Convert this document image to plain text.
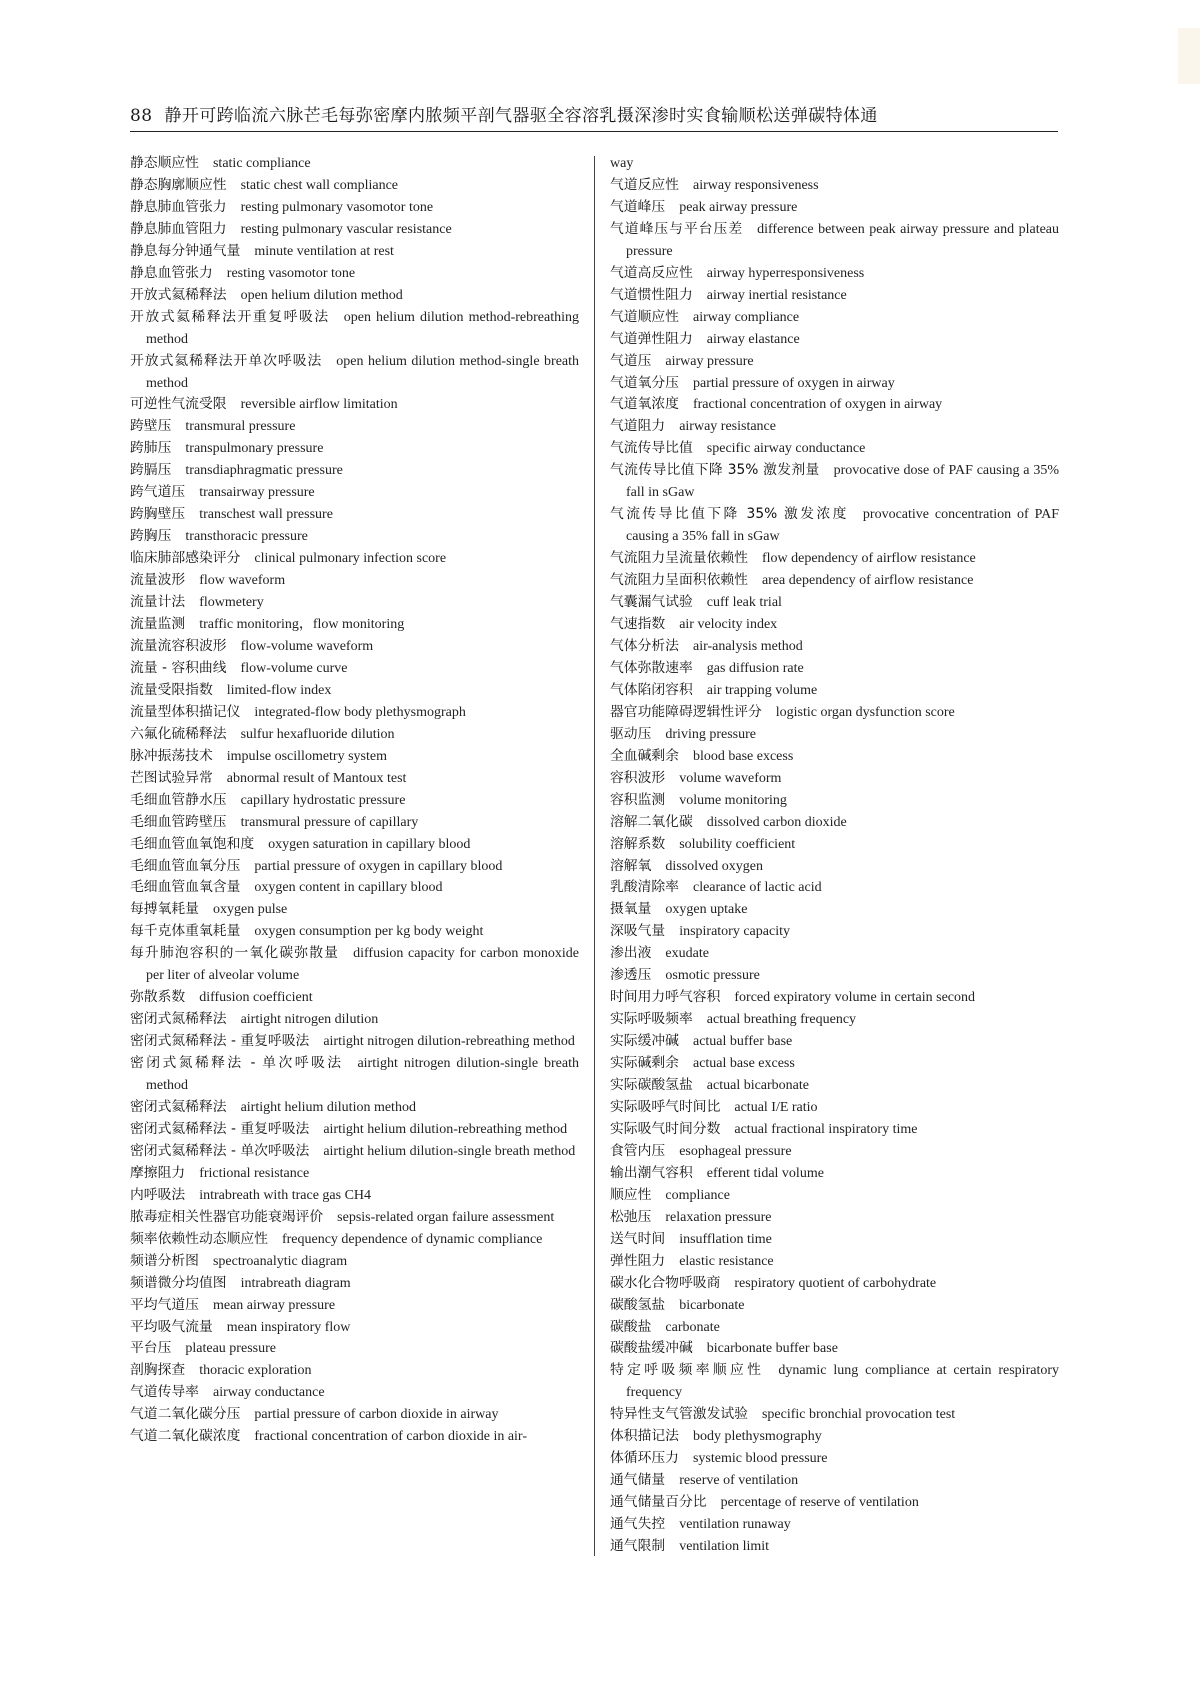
88 静开可跨临流六脉芒毛每弥密摩内脓频平剖气器驱全容溶乳摄深渗时实食输顺松送弹碳特体通
静态顺应性 static compliance
静态胸廓顺应性 static chest wall compliance
静息肺血管张力 resting pulmonary vasomotor tone
静息肺血管阻力 resting pulmonary vascular resistance
静息每分钟通气量 minute ventilation at rest
静息血管张力 resting vasomotor tone
开放式氦稀释法 open helium dilution method
开放式氦稀释法开重复呼吸法 open helium dilution method-rebreathing method
开放式氦稀释法开单次呼吸法 open helium dilution method-single breath method
可逆性气流受限 reversible airflow limitation
跨壁压 transmural pressure
跨肺压 transpulmonary pressure
跨膈压 transdiaphragmatic pressure
跨气道压 transairway pressure
跨胸壁压 transchest wall pressure
跨胸压 transthoracic pressure
临床肺部感染评分 clinical pulmonary infection score
流量波形 flow waveform
流量计法 flowmetery
流量监测 traffic monitoring，flow monitoring
流量流容积波形 flow-volume waveform
流量 - 容积曲线 flow-volume curve
流量受限指数 limited-flow index
流量型体积描记仪 integrated-flow body plethysmograph
六氟化硫稀释法 sulfur hexafluoride dilution
脉冲振荡技术 impulse oscillometry system
芒图试验异常 abnormal result of Mantoux test
毛细血管静水压 capillary hydrostatic pressure
毛细血管跨壁压 transmural pressure of capillary
毛细血管血氧饱和度 oxygen saturation in capillary blood
毛细血管血氧分压 partial pressure of oxygen in capillary blood
毛细血管血氧含量 oxygen content in capillary blood
每搏氧耗量 oxygen pulse
每千克体重氧耗量 oxygen consumption per kg body weight
每升肺泡容积的一氧化碳弥散量 diffusion capacity for carbon monoxide per liter of alveolar volume
弥散系数 diffusion coefficient
密闭式氮稀释法 airtight nitrogen dilution
密闭式氮稀释法 - 重复呼吸法 airtight nitrogen dilution-rebreathing method
密闭式氮稀释法 - 单次呼吸法 airtight nitrogen dilution-single breath method
密闭式氦稀释法 airtight helium dilution method
密闭式氦稀释法 - 重复呼吸法 airtight helium dilution-rebreathing method
密闭式氦稀释法 - 单次呼吸法 airtight helium dilution-single breath method
摩擦阻力 frictional resistance
内呼吸法 intrabreath with trace gas CH4
脓毒症相关性器官功能衰竭评价 sepsis-related organ failure assessment
频率依赖性动态顺应性 frequency dependence of dynamic compliance
频谱分析图 spectroanalytic diagram
频谱微分均值图 intrabreath diagram
平均气道压 mean airway pressure
平均吸气流量 mean inspiratory flow
平台压 plateau pressure
剖胸探查 thoracic exploration
气道传导率 airway conductance
气道二氧化碳分压 partial pressure of carbon dioxide in airway
气道二氧化碳浓度 fractional concentration of carbon dioxide in air-
way
气道反应性 airway responsiveness
气道峰压 peak airway pressure
气道峰压与平台压差 difference between peak airway pressure and plateau pressure
气道高反应性 airway hyperresponsiveness
气道惯性阻力 airway inertial resistance
气道顺应性 airway compliance
气道弹性阻力 airway elastance
气道压 airway pressure
气道氧分压 partial pressure of oxygen in airway
气道氧浓度 fractional concentration of oxygen in airway
气道阻力 airway resistance
气流传导比值 specific airway conductance
气流传导比值下降 35% 激发剂量 provocative dose of PAF causing a 35% fall in sGaw
气流传导比值下降 35% 激发浓度 provocative concentration of PAF causing a 35% fall in sGaw
气流阻力呈流量依赖性 flow dependency of airflow resistance
气流阻力呈面积依赖性 area dependency of airflow resistance
气囊漏气试验 cuff leak trial
气速指数 air velocity index
气体分析法 air-analysis method
气体弥散速率 gas diffusion rate
气体陷闭容积 air trapping volume
器官功能障碍逻辑性评分 logistic organ dysfunction score
驱动压 driving pressure
全血碱剩余 blood base excess
容积波形 volume waveform
容积监测 volume monitoring
溶解二氧化碳 dissolved carbon dioxide
溶解系数 solubility coefficient
溶解氧 dissolved oxygen
乳酸清除率 clearance of lactic acid
摄氧量 oxygen uptake
深吸气量 inspiratory capacity
渗出液 exudate
渗透压 osmotic pressure
时间用力呼气容积 forced expiratory volume in certain second
实际呼吸频率 actual breathing frequency
实际缓冲碱 actual buffer base
实际碱剩余 actual base excess
实际碳酸氢盐 actual bicarbonate
实际吸呼气时间比 actual I/E ratio
实际吸气时间分数 actual fractional inspiratory time
食管内压 esophageal pressure
输出潮气容积 efferent tidal volume
顺应性 compliance
松弛压 relaxation pressure
送气时间 insufflation time
弹性阻力 elastic resistance
碳水化合物呼吸商 respiratory quotient of carbohydrate
碳酸氢盐 bicarbonate
碳酸盐 carbonate
碳酸盐缓冲碱 bicarbonate buffer base
特定呼吸频率顺应性 dynamic lung compliance at certain respiratory frequency
特异性支气管激发试验 specific bronchial provocation test
体积描记法 body plethysmography
体循环压力 systemic blood pressure
通气储量 reserve of ventilation
通气储量百分比 percentage of reserve of ventilation
通气失控 ventilation runaway
通气限制 ventilation limit
